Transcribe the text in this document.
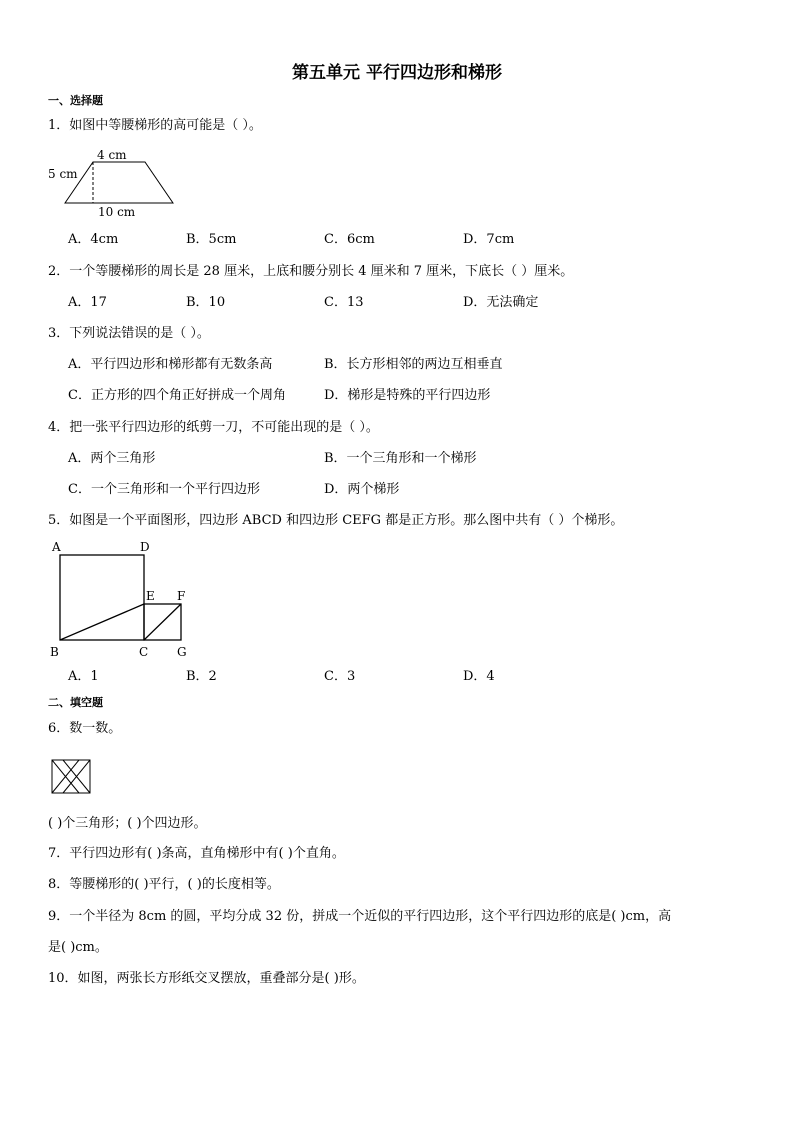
第五单元 平行四边形和梯形
一、选择题
1．如图中等腰梯形的高可能是（ ）。
4 cm
5 cm
10 cm
A．4cm	B．5cm	C．6cm	D．7cm
2．一个等腰梯形的周长是 28 厘米，上底和腰分别长 4 厘米和 7 厘米，下底长（ ）厘米。
A．17	B．10	C．13	D．无法确定
3．下列说法错误的是（ ）。
A．平行四边形和梯形都有无数条高	B．长方形相邻的两边互相垂直
C．正方形的四个角正好拼成一个周角	D．梯形是特殊的平行四边形
4．把一张平行四边形的纸剪一刀，不可能出现的是（ ）。
A．两个三角形	B．一个三角形和一个梯形
C．一个三角形和一个平行四边形	D．两个梯形
5．如图是一个平面图形，四边形 ABCD 和四边形 CEFG 都是正方形。那么图中共有（ ）个梯形。
A	D
E F
B	C G
A．1	B．2	C．3	D．4
二、填空题
6．数一数。
( )个三角形；( )个四边形。
7．平行四边形有( )条高，直角梯形中有( )个直角。
8．等腰梯形的( )平行，( )的长度相等。
9．一个半径为 8cm 的圆，平均分成 32 份，拼成一个近似的平行四边形，这个平行四边形的底是( )cm，高
是( )cm。
10．如图，两张长方形纸交叉摆放，重叠部分是( )形。
